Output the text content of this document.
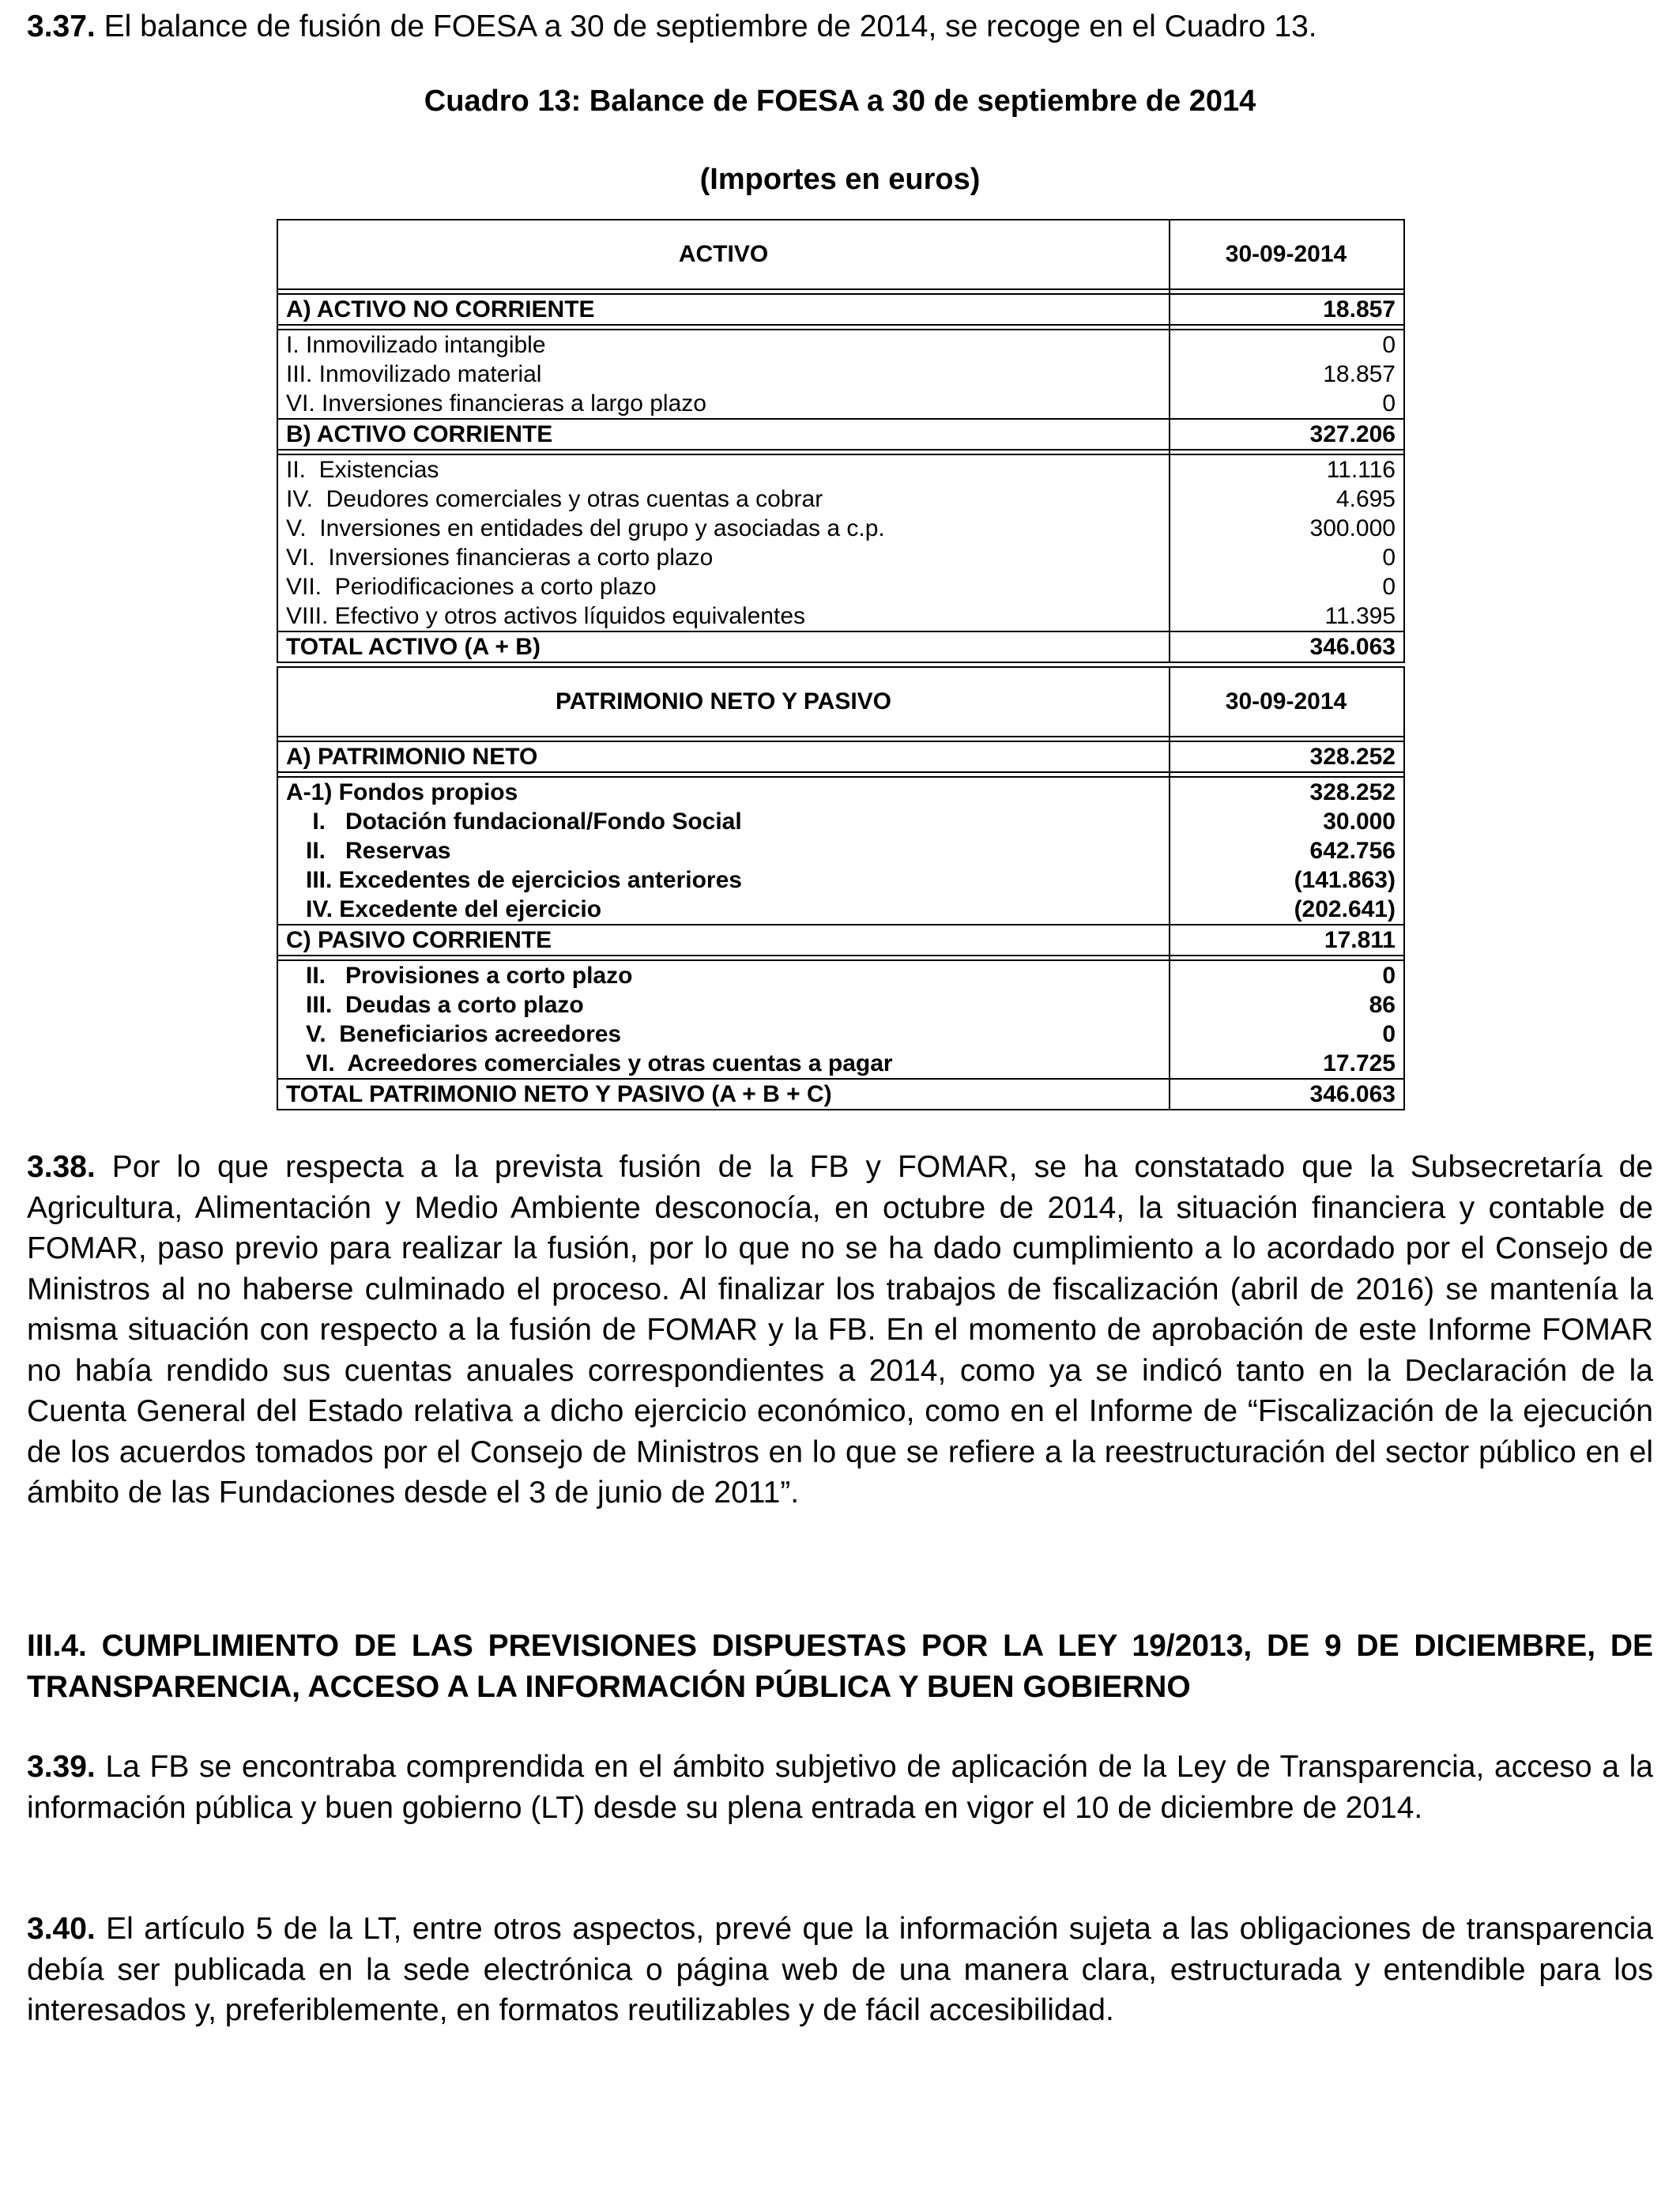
3.37. El balance de fusión de FOESA a 30 de septiembre de 2014, se recoge en el Cuadro 13.
Cuadro 13: Balance de FOESA a 30 de septiembre de 2014
(Importes en euros)
ACTIVO	30-09-2014
A) ACTIVO NO CORRIENTE	18.857
I. Inmovilizado intangible	0
III. Inmovilizado material	18.857
VI. Inversiones financieras a largo plazo	0
B) ACTIVO CORRIENTE	327.206
II.  Existencias	11.116
IV.  Deudores comerciales y otras cuentas a cobrar	4.695
V.  Inversiones en entidades del grupo y asociadas a c.p.	300.000
VI.  Inversiones financieras a corto plazo	0
VII.  Periodificaciones a corto plazo	0
VIII. Efectivo y otros activos líquidos equivalentes	11.395
TOTAL ACTIVO (A + B)	346.063
PATRIMONIO NETO Y PASIVO	30-09-2014
A) PATRIMONIO NETO	328.252
A-1) Fondos propios	328.252
I.   Dotación fundacional/Fondo Social	30.000
II.   Reservas	642.756
III. Excedentes de ejercicios anteriores	(141.863)
IV. Excedente del ejercicio	(202.641)
C) PASIVO CORRIENTE	17.811
II.   Provisiones a corto plazo	0
III.  Deudas a corto plazo	86
V.  Beneficiarios acreedores	0
VI.  Acreedores comerciales y otras cuentas a pagar	17.725
TOTAL PATRIMONIO NETO Y PASIVO (A + B + C)	346.063
3.38. Por lo que respecta a la prevista fusión de la FB y FOMAR, se ha constatado que la Subsecretaría de Agricultura, Alimentación y Medio Ambiente desconocía, en octubre de 2014, la situación financiera y contable de FOMAR, paso previo para realizar la fusión, por lo que no se ha dado cumplimiento a lo acordado por el Consejo de Ministros al no haberse culminado el proceso. Al finalizar los trabajos de fiscalización (abril de 2016) se mantenía la misma situación con respecto a la fusión de FOMAR y la FB. En el momento de aprobación de este Informe FOMAR no había rendido sus cuentas anuales correspondientes a 2014, como ya se indicó tanto en la Declaración de la Cuenta General del Estado relativa a dicho ejercicio económico, como en el Informe de “Fiscalización de la ejecución de los acuerdos tomados por el Consejo de Ministros en lo que se refiere a la reestructuración del sector público en el ámbito de las Fundaciones desde el 3 de junio de 2011”.
III.4. CUMPLIMIENTO DE LAS PREVISIONES DISPUESTAS POR LA LEY 19/2013, DE 9 DE DICIEMBRE, DE TRANSPARENCIA, ACCESO A LA INFORMACIÓN PÚBLICA Y BUEN GOBIERNO
3.39. La FB se encontraba comprendida en el ámbito subjetivo de aplicación de la Ley de Transparencia, acceso a la información pública y buen gobierno (LT) desde su plena entrada en vigor el 10 de diciembre de 2014.
3.40. El artículo 5 de la LT, entre otros aspectos, prevé que la información sujeta a las obligaciones de transparencia debía ser publicada en la sede electrónica o página web de una manera clara, estructurada y entendible para los interesados y, preferiblemente, en formatos reutilizables y de fácil accesibilidad.
